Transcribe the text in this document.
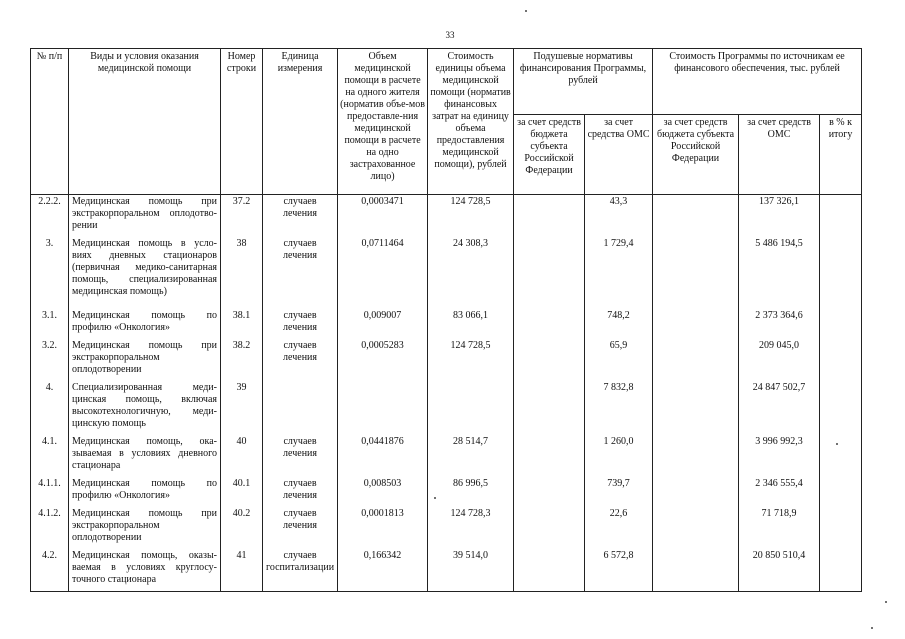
33
№ п/п	Виды и условия оказания медицинской помощи	Номер строки	Единица измерения	Объем медицинской помощи в расчете на одного жителя (норматив объе-мов предоставле-ния медицинской помощи в расчете на одно застрахованное лицо)	Стоимость единицы объема медицинской помощи (норматив финансовых затрат на единицу объема предоставления медицинской помощи), рублей	Подушевые нормативы финансирования Программы, рублей		Стоимость Программы по источникам ее финансового обеспечения, тыс. рублей		
						за счет средств бюджета субъекта Российской Федерации	за счет средства ОМС	за счет средств бюджета субъекта Российской Федерации	за счет средств ОМС	в % к итогу
2.2.2.	Медицинская помощь при экстракорпоральном оплодотво-рении	37.2	случаев лечения	0,0003471	124 728,5		43,3		137 326,1	
3.	Медицинская помощь в усло-виях дневных стационаров (первичная медико-санитарная помощь, специализированная медицинская помощь)	38	случаев лечения	0,0711464	24 308,3		1 729,4		5 486 194,5	
3.1.	Медицинская помощь по профилю «Онкология»	38.1	случаев лечения	0,009007	83 066,1		748,2		2 373 364,6	
3.2.	Медицинская помощь при экстракорпоральном оплодотворении	38.2	случаев лечения	0,0005283	124 728,5		65,9		209 045,0	
4.	Специализированная меди-цинская помощь, включая высокотехнологичную, меди-цинскую помощь	39					7 832,8		24 847 502,7	
4.1.	Медицинская помощь, ока-зываемая в условиях дневного стационара	40	случаев лечения	0,0441876	28 514,7		1 260,0		3 996 992,3	
4.1.1.	Медицинская помощь по профилю «Онкология»	40.1	случаев лечения	0,008503	86 996,5		739,7		2 346 555,4	
4.1.2.	Медицинская помощь при экстракорпоральном оплодотворении	40.2	случаев лечения	0,0001813	124 728,3		22,6		71 718,9	
4.2.	Медицинская помощь, оказы-ваемая в условиях круглосу-точного стационара	41	случаев госпитализации	0,166342	39 514,0		6 572,8		20 850 510,4	
